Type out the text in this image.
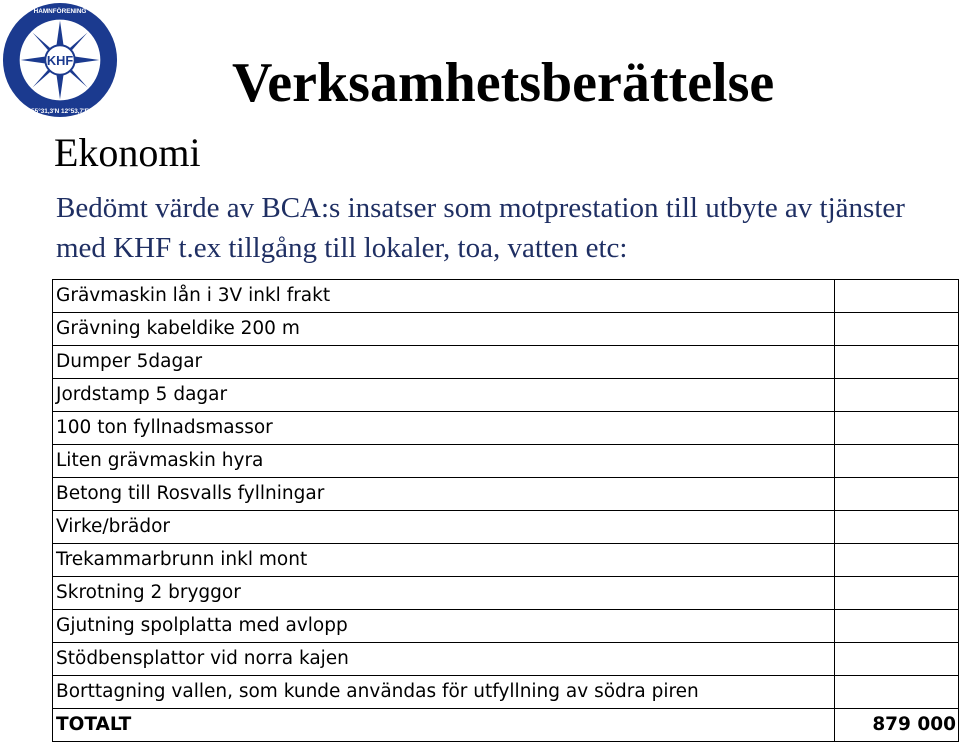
KHF
HAMNFÖRENING
55°31,3'N 12°53,7'E	Verksamhetsberättelse
Ekonomi

Bedömt värde av BCA:s insatser som motprestation till utbyte av tjänster med KHF t.ex tillgång till lokaler, toa, vatten etc:

Grävmaskin lån i 3V inkl frakt	
Grävning kabeldike 200 m	
Dumper 5dagar	
Jordstamp 5 dagar	
100 ton fyllnadsmassor	
Liten grävmaskin hyra	
Betong till Rosvalls fyllningar	
Virke/brädor	
Trekammarbrunn inkl mont	
Skrotning 2 bryggor	
Gjutning spolplatta med avlopp	
Stödbensplattor vid norra kajen	
Borttagning vallen, som kunde användas för utfyllning av södra piren	
TOTALT	879 000
